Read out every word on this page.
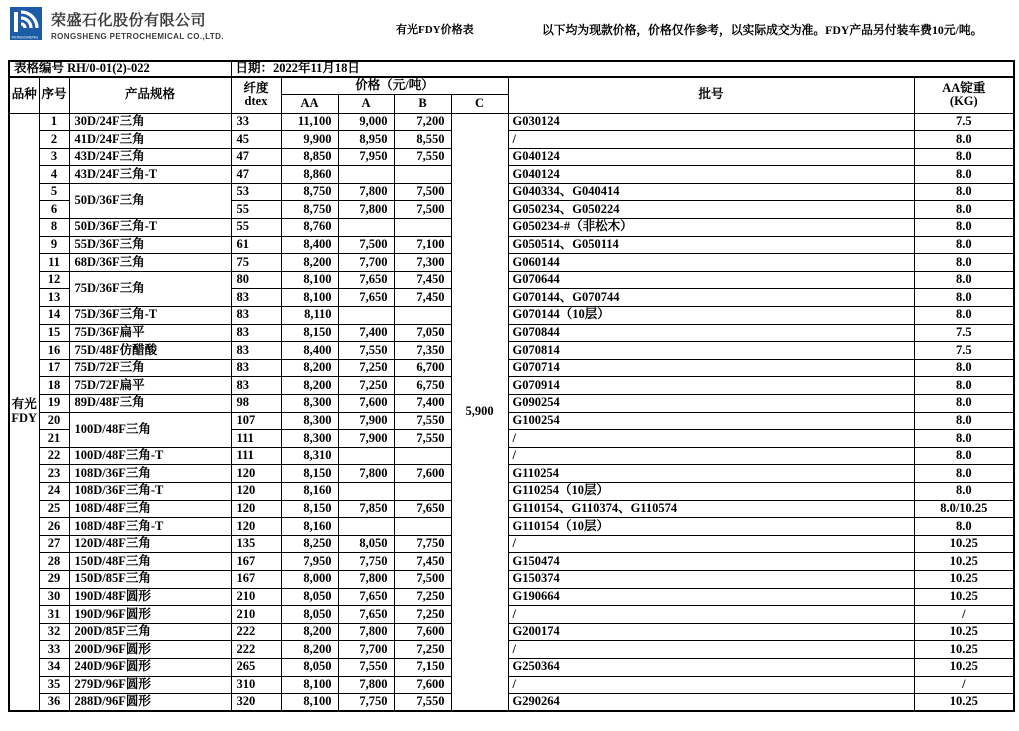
RONGSHENG
荣盛石化股份有限公司
RONGSHENG PETROCHEMICAL CO.,LTD.
有光FDY价格表	以下均为现款价格，价格仅作参考，以实际成交为准。FDY产品另付装车费10元/吨。
表格编号 RH/0-01(2)-022			日期：2022年11月18日						
品种	序号	产品规格	纤度
dtex	价格（元/吨）				批号	AA锭重
(KG)
				AA	A	B	C		
有光
FDY	1	30D/24F三角	33	11,100	9,000	7,200	5,900	G030124	7.5
	2	41D/24F三角	45	9,900	8,950	8,550		/	8.0
	3	43D/24F三角	47	8,850	7,950	7,550		G040124	8.0
	4	43D/24F三角-T	47	8,860				G040124	8.0
	5	50D/36F三角	53	8,750	7,800	7,500		G040334、G040414	8.0
	6		55	8,750	7,800	7,500		G050234、G050224	8.0
	8	50D/36F三角-T	55	8,760				G050234-#（非松木）	8.0
	9	55D/36F三角	61	8,400	7,500	7,100		G050514、G050114	8.0
	11	68D/36F三角	75	8,200	7,700	7,300		G060144	8.0
	12	75D/36F三角	80	8,100	7,650	7,450		G070644	8.0
	13		83	8,100	7,650	7,450		G070144、G070744	8.0
	14	75D/36F三角-T	83	8,110				G070144（10层）	8.0
	15	75D/36F扁平	83	8,150	7,400	7,050		G070844	7.5
	16	75D/48F仿醋酸	83	8,400	7,550	7,350		G070814	7.5
	17	75D/72F三角	83	8,200	7,250	6,700		G070714	8.0
	18	75D/72F扁平	83	8,200	7,250	6,750		G070914	8.0
	19	89D/48F三角	98	8,300	7,600	7,400		G090254	8.0
	20	100D/48F三角	107	8,300	7,900	7,550		G100254	8.0
	21		111	8,300	7,900	7,550		/	8.0
	22	100D/48F三角-T	111	8,310				/	8.0
	23	108D/36F三角	120	8,150	7,800	7,600		G110254	8.0
	24	108D/36F三角-T	120	8,160				G110254（10层）	8.0
	25	108D/48F三角	120	8,150	7,850	7,650		G110154、G110374、G110574	8.0/10.25
	26	108D/48F三角-T	120	8,160				G110154（10层）	8.0
	27	120D/48F三角	135	8,250	8,050	7,750		/	10.25
	28	150D/48F三角	167	7,950	7,750	7,450		G150474	10.25
	29	150D/85F三角	167	8,000	7,800	7,500		G150374	10.25
	30	190D/48F圆形	210	8,050	7,650	7,250		G190664	10.25
	31	190D/96F圆形	210	8,050	7,650	7,250		/	/
	32	200D/85F三角	222	8,200	7,800	7,600		G200174	10.25
	33	200D/96F圆形	222	8,200	7,700	7,250		/	10.25
	34	240D/96F圆形	265	8,050	7,550	7,150		G250364	10.25
	35	279D/96F圆形	310	8,100	7,800	7,600		/	/
	36	288D/96F圆形	320	8,100	7,750	7,550		G290264	10.25
